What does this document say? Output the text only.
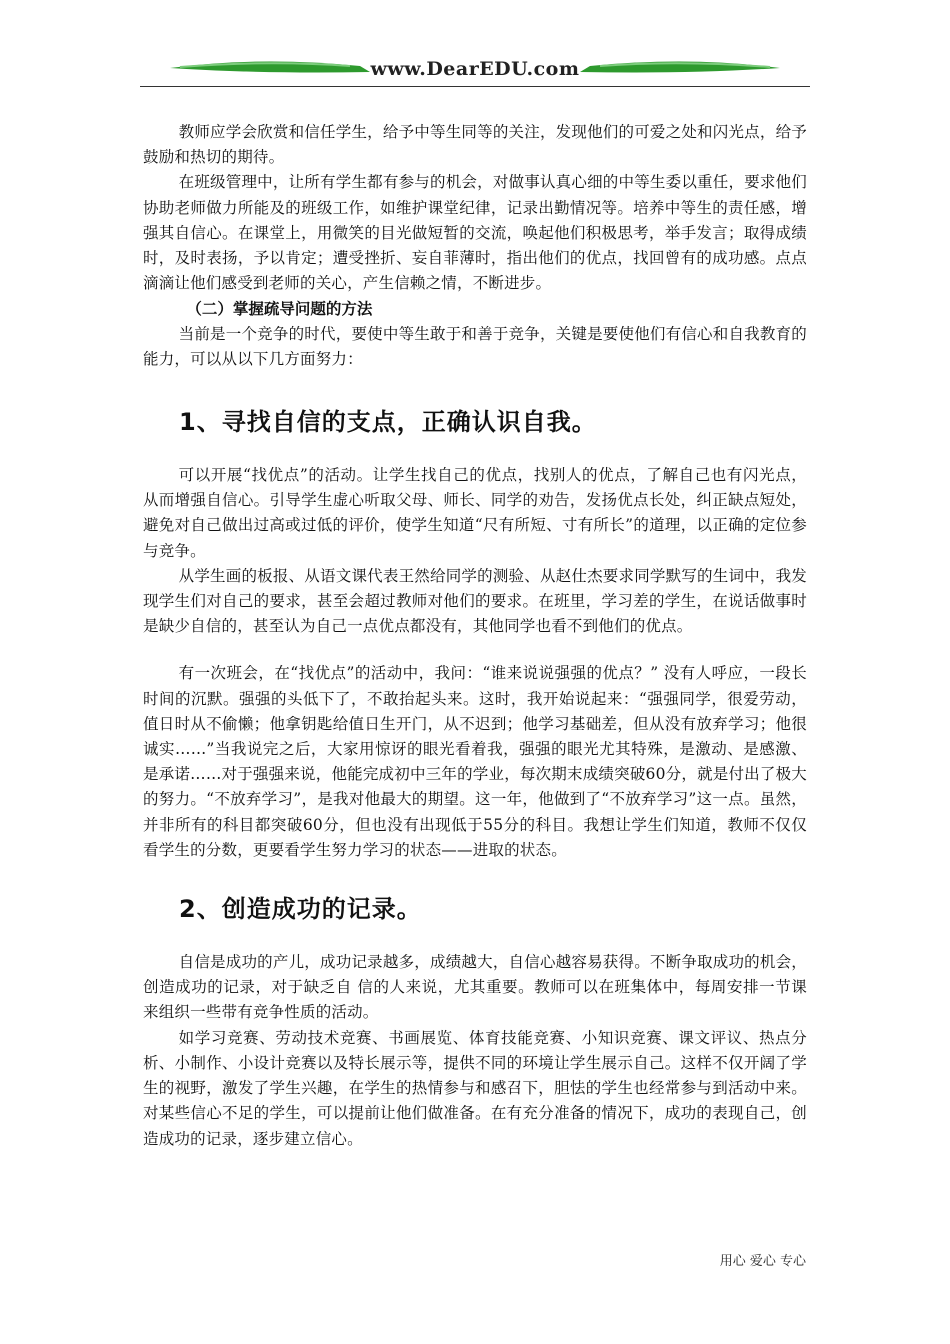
www.DearEDU.com

教师应学会欣赏和信任学生，给予中等生同等的关注，发现他们的可爱之处和闪光点，给予鼓励和热切的期待。

在班级管理中，让所有学生都有参与的机会，对做事认真心细的中等生委以重任，要求他们协助老师做力所能及的班级工作，如维护课堂纪律，记录出勤情况等。培养中等生的责任感，增强其自信心。在课堂上，用微笑的目光做短暂的交流，唤起他们积极思考，举手发言；取得成绩时，及时表扬，予以肯定；遭受挫折、妄自菲薄时，指出他们的优点，找回曾有的成功感。点点滴滴让他们感受到老师的关心，产生信赖之情，不断进步。

（二）掌握疏导问题的方法

当前是一个竞争的时代，要使中等生敢于和善于竞争，关键是要使他们有信心和自我教育的能力，可以从以下几方面努力：

1、寻找自信的支点，正确认识自我。

可以开展“找优点”的活动。让学生找自己的优点，找别人的优点，了解自己也有闪光点，从而增强自信心。引导学生虚心听取父母、师长、同学的劝告，发扬优点长处，纠正缺点短处，避免对自己做出过高或过低的评价，使学生知道“尺有所短、寸有所长”的道理，以正确的定位参与竞争。

从学生画的板报、从语文课代表王然给同学的测验、从赵仕杰要求同学默写的生词中，我发现学生们对自己的要求，甚至会超过教师对他们的要求。在班里，学习差的学生，在说话做事时是缺少自信的，甚至认为自己一点优点都没有，其他同学也看不到他们的优点。

有一次班会，在“找优点”的活动中，我问：“谁来说说强强的优点？” 没有人呼应，一段长时间的沉默。强强的头低下了，不敢抬起头来。这时，我开始说起来：“强强同学，很爱劳动，值日时从不偷懒；他拿钥匙给值日生开门，从不迟到；他学习基础差，但从没有放弃学习；他很诚实……”当我说完之后，大家用惊讶的眼光看着我，强强的眼光尤其特殊，是激动、是感激、是承诺……对于强强来说，他能完成初中三年的学业，每次期末成绩突破60分，就是付出了极大的努力。“不放弃学习”，是我对他最大的期望。这一年，他做到了“不放弃学习”这一点。虽然，并非所有的科目都突破60分，但也没有出现低于55分的科目。我想让学生们知道，教师不仅仅看学生的分数，更要看学生努力学习的状态——进取的状态。

2、创造成功的记录。

自信是成功的产儿，成功记录越多，成绩越大，自信心越容易获得。不断争取成功的机会，创造成功的记录，对于缺乏自 信的人来说，尤其重要。教师可以在班集体中，每周安排一节课来组织一些带有竞争性质的活动。

如学习竞赛、劳动技术竞赛、书画展览、体育技能竞赛、小知识竞赛、课文评议、热点分析、小制作、小设计竞赛以及特长展示等，提供不同的环境让学生展示自己。这样不仅开阔了学生的视野，激发了学生兴趣，在学生的热情参与和感召下，胆怯的学生也经常参与到活动中来。对某些信心不足的学生，可以提前让他们做准备。在有充分准备的情况下，成功的表现自己，创造成功的记录，逐步建立信心。

用心 爱心 专心
